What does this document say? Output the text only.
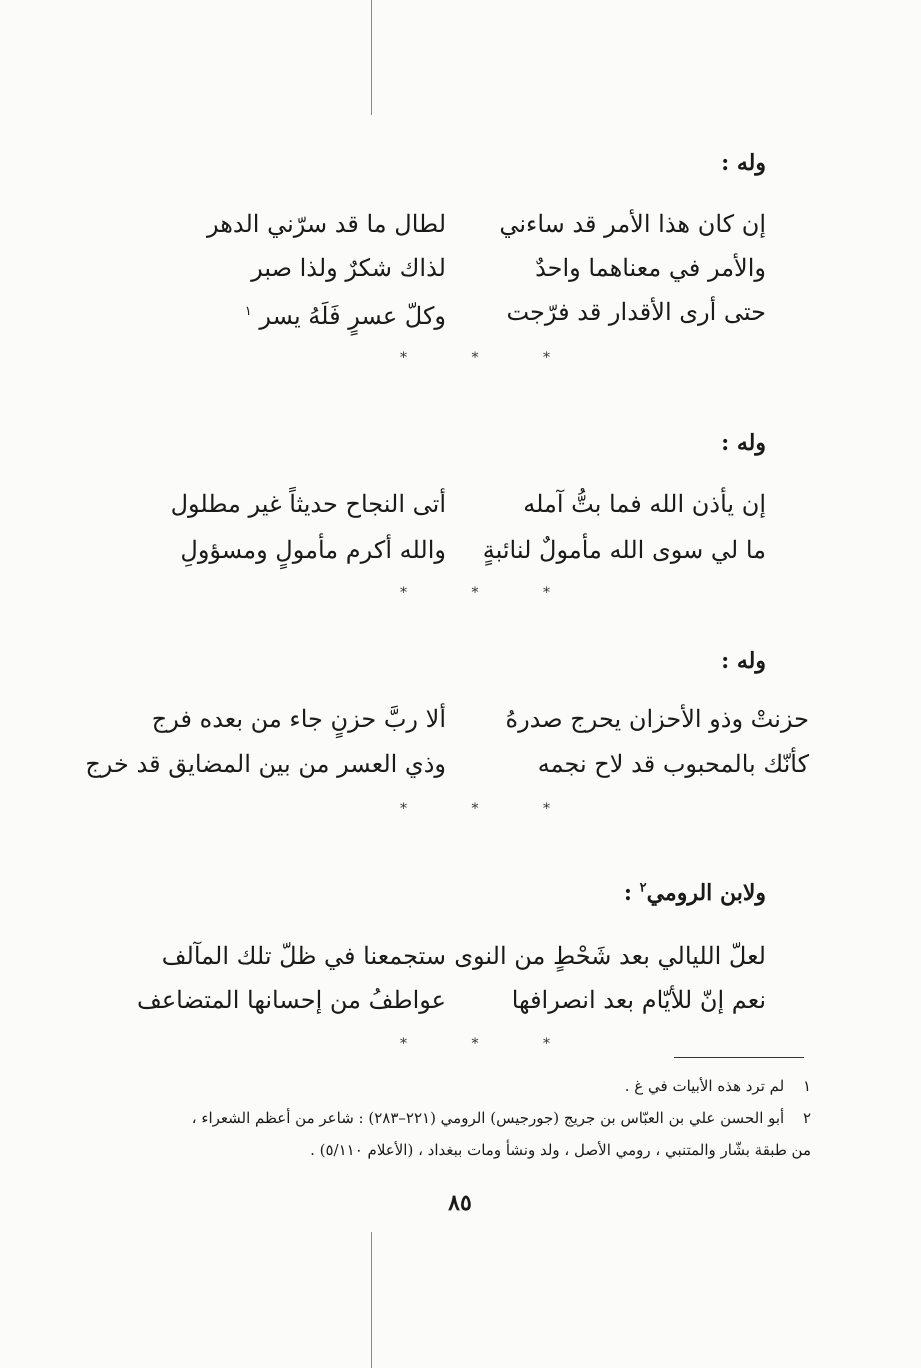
وله :
إن كان هذا الأمر قد ساءني
لطال ما قد سرّني الدهر
والأمر في معناهما واحدٌ
لذاك شكرٌ ولذا صبر
حتى أرى الأقدار قد فرّجت
وكلّ عسرٍ فَلَهُ يسر $^١$
*	*	*
وله :
إن يأذن الله فما بتُّ آمله
أتى النجاح حديثاً غير مطلول
ما لي سوى الله مأمولٌ لنائبةٍ
والله أكرم مأمولٍ ومسؤولِ
*	*	*
وله :
حزنتْ وذو الأحزان يحرج صدرهُ
ألا ربَّ حزنٍ جاء من بعده فرج
كأنّك بالمحبوب قد لاح نجمه
وذي العسر من بين المضايق قد خرج
*	*	*
ولابن الرومي$^٢$ :
لعلّ الليالي بعد شَحْطٍ من النوى
ستجمعنا في ظلّ تلك المآلف
نعم إنّ للأيّام بعد انصرافها
عواطفُ من إحسانها المتضاعف
*	*	*
١ لم ترد هذه الأبيات في غ .
٢ أبو الحسن علي بن العبّاس بن جريج (جورجيس) الرومي (٢٢١–٢٨٣) : شاعر من أعظم الشعراء ،
من طبقة بشّار والمتنبي ، رومي الأصل ، ولد ونشأ ومات ببغداد ، (الأعلام ٥/١١٠) .
٨٥
